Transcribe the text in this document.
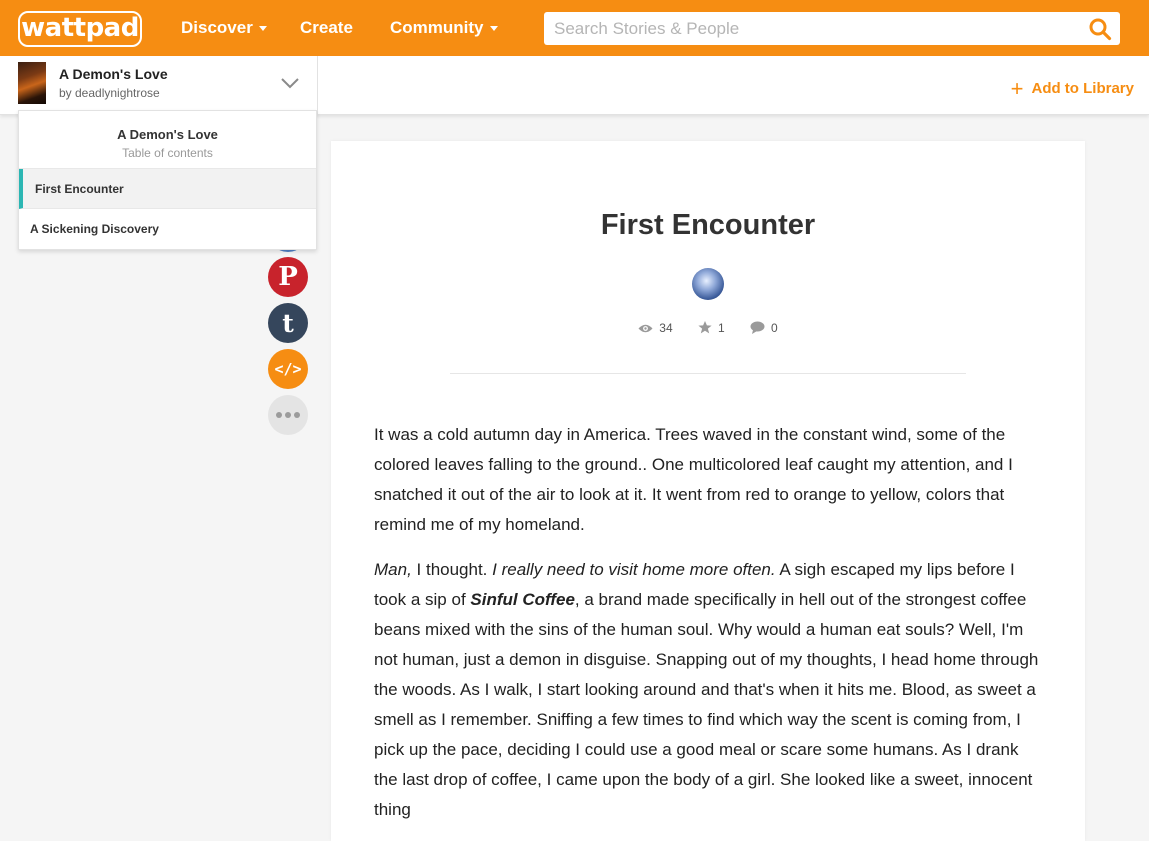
wattpad Discover	Create Community
Search Stories & People
A Demon's Love
by deadlynightrose	+ Add to Library
P
t
</>
A Demon's Love
Table of contents
First Encounter
A Sickening Discovery	First Encounter
34	1	0

It was a cold autumn day in America. Trees waved in the constant wind, some of the colored leaves falling to the ground.. One multicolored leaf caught my attention, and I snatched it out of the air to look at it. It went from red to orange to yellow, colors that remind me of my homeland.

Man, I thought. I really need to visit home more often. A sigh escaped my lips before I took a sip of Sinful Coffee, a brand made specifically in hell out of the strongest coffee beans mixed with the sins of the human soul. Why would a human eat souls? Well, I'm not human, just a demon in disguise. Snapping out of my thoughts, I head home through the woods. As I walk, I start looking around and that's when it hits me. Blood, as sweet a smell as I remember. Sniffing a few times to find which way the scent is coming from, I pick up the pace, deciding I could use a good meal or scare some humans. As I drank the last drop of coffee, I came upon the body of a girl. She looked like a sweet, innocent thing
